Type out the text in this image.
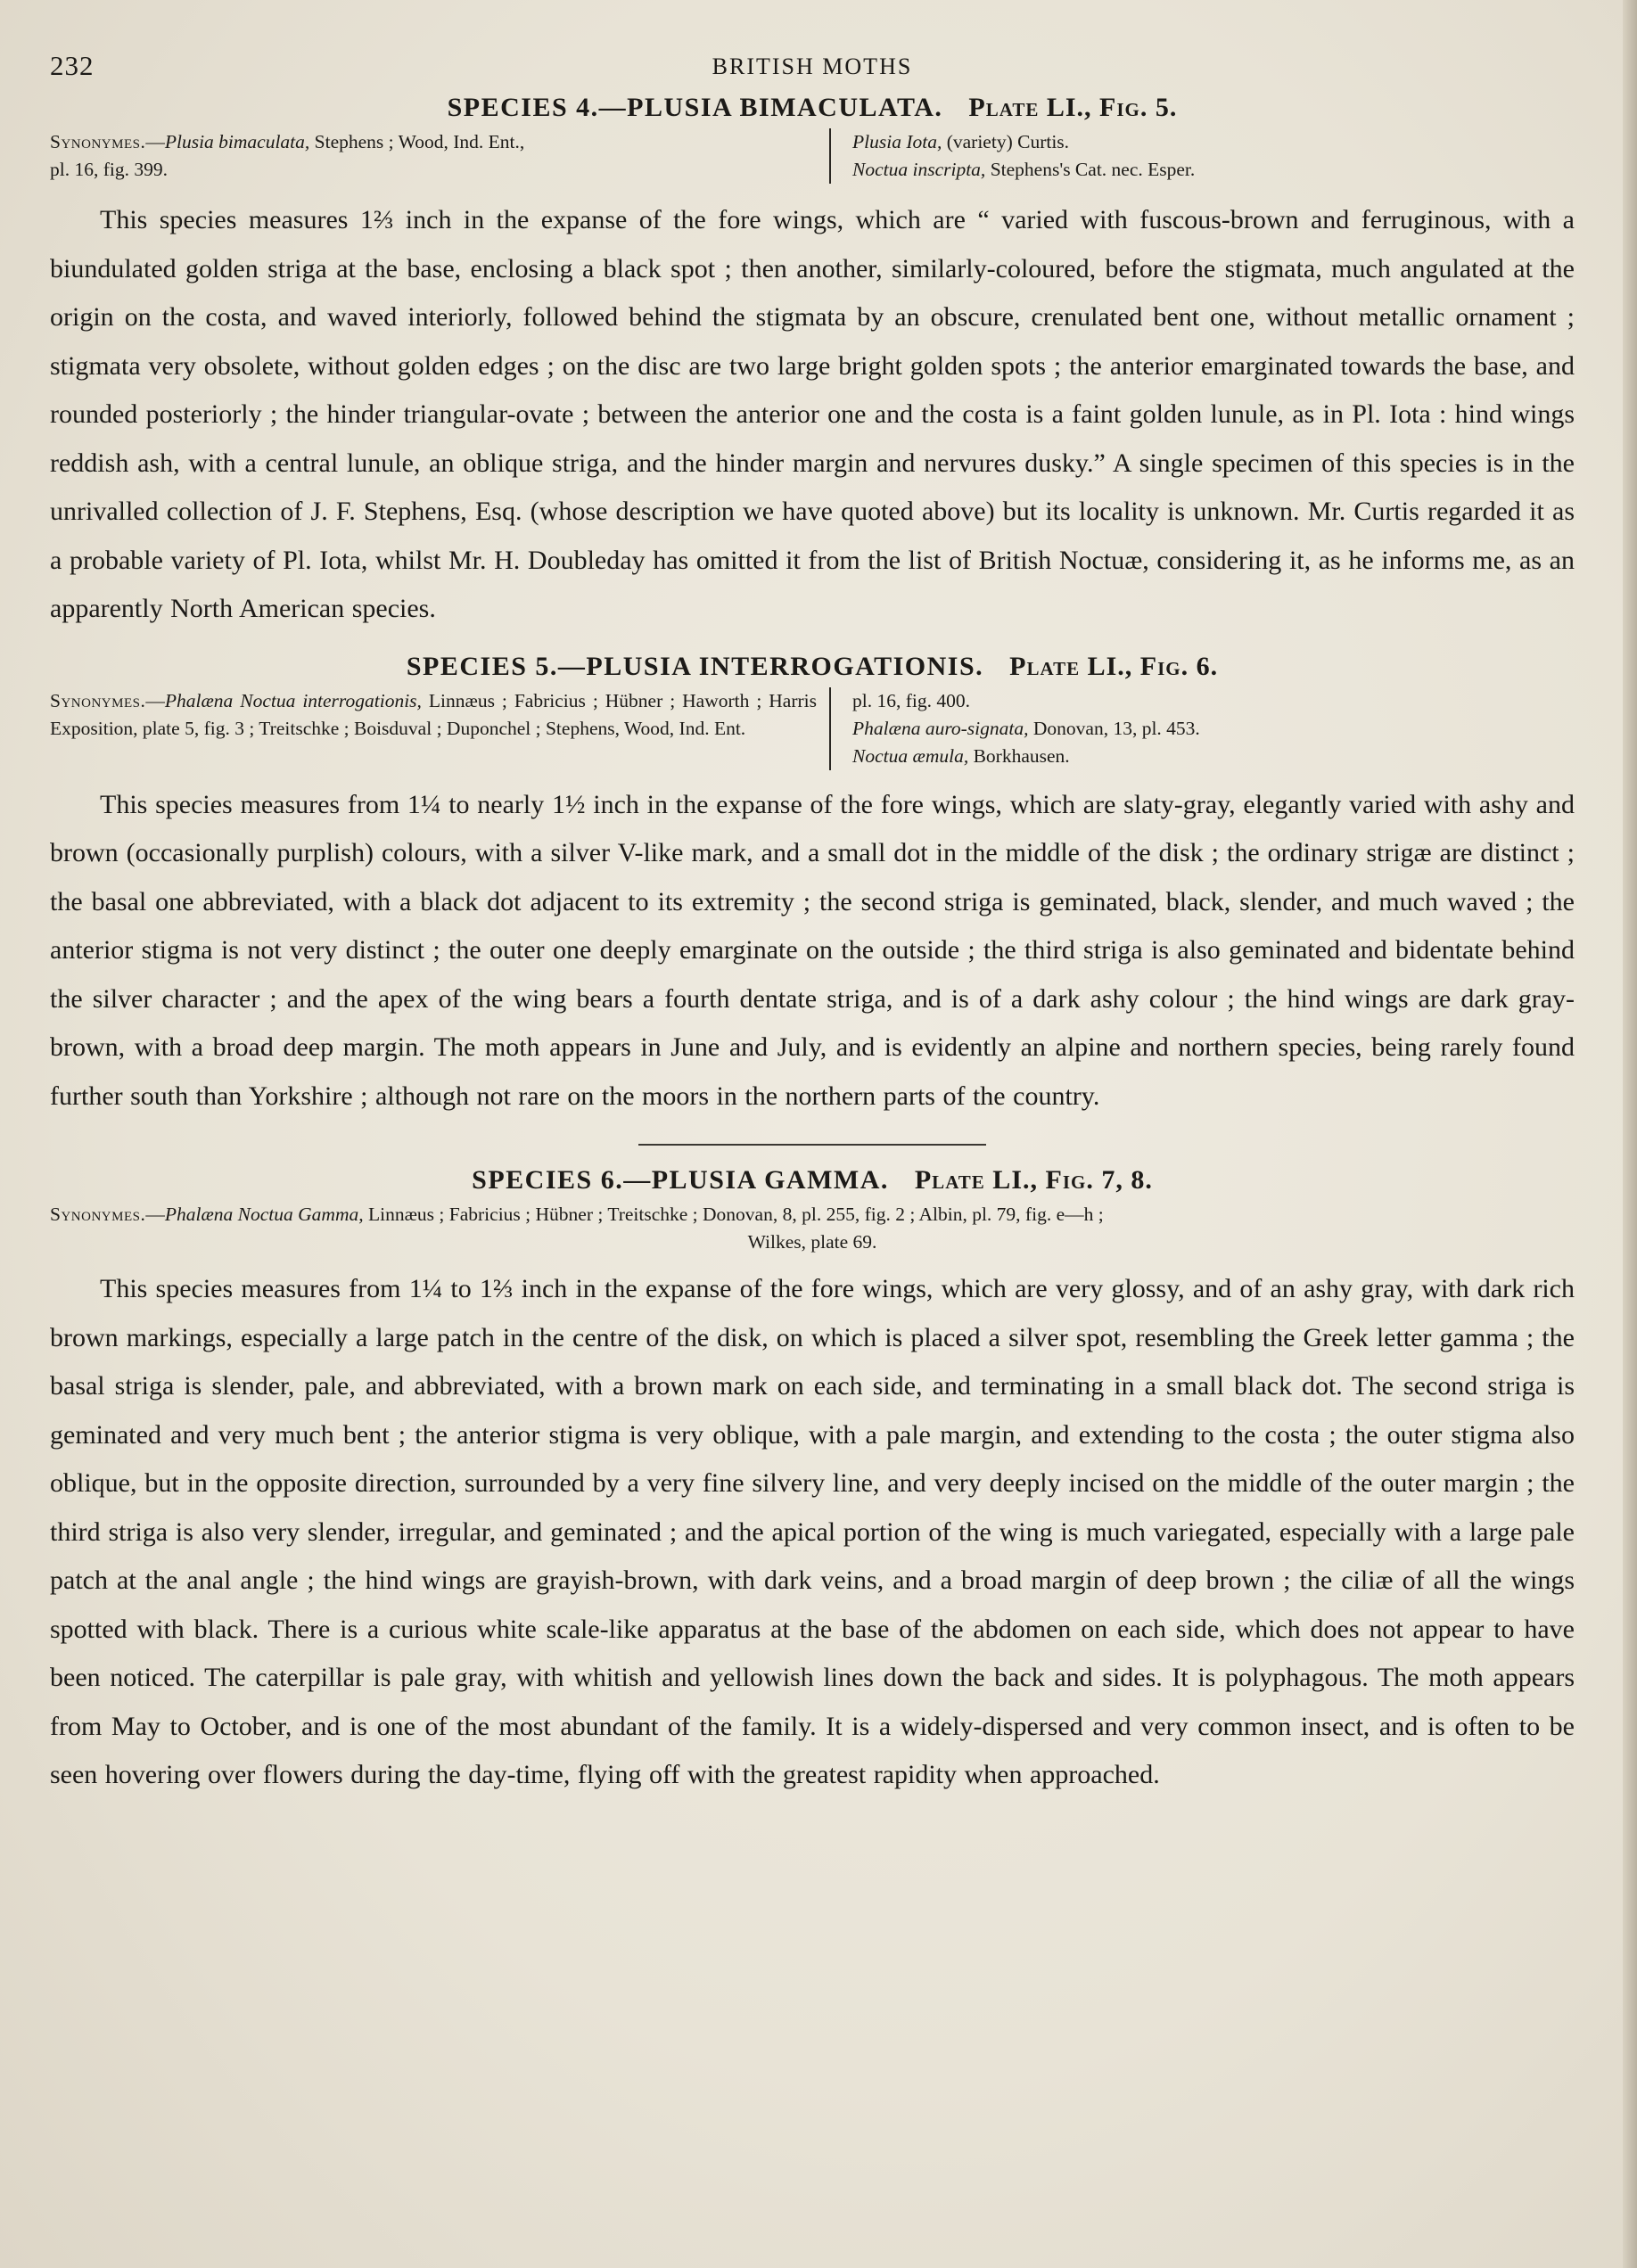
232	BRITISH MOTHS
SPECIES 4.—PLUSIA BIMACULATA. Plate LI., Fig. 5.
Synonymes.—Plusia bimaculata, Stephens ; Wood, Ind. Ent.,
pl. 16, fig. 399.
Plusia Iota, (variety) Curtis.
Noctua inscripta, Stephens's Cat. nec. Esper.

This species measures 1⅔ inch in the expanse of the fore wings, which are “ varied with fuscous-brown and ferruginous, with a biundulated golden striga at the base, enclosing a black spot ; then another, similarly-coloured, before the stigmata, much angulated at the origin on the costa, and waved interiorly, followed behind the stigmata by an obscure, crenulated bent one, without metallic ornament ; stigmata very obsolete, without golden edges ; on the disc are two large bright golden spots ; the anterior emarginated towards the base, and rounded posteriorly ; the hinder triangular-ovate ; between the anterior one and the costa is a faint golden lunule, as in Pl. Iota : hind wings reddish ash, with a central lunule, an oblique striga, and the hinder margin and nervures dusky.” A single specimen of this species is in the unrivalled collection of J. F. Stephens, Esq. (whose description we have quoted above) but its locality is unknown. Mr. Curtis regarded it as a probable variety of Pl. Iota, whilst Mr. H. Doubleday has omitted it from the list of British Noctuæ, considering it, as he informs me, as an apparently North American species.

SPECIES 5.—PLUSIA INTERROGATIONIS. Plate LI., Fig. 6.
Synonymes.—Phalæna Noctua interrogationis, Linnæus ; Fabricius ; Hübner ; Haworth ; Harris Exposition, plate 5, fig. 3 ; Treitschke ; Boisduval ; Duponchel ; Stephens, Wood, Ind. Ent.
pl. 16, fig. 400.
Phalæna auro-signata, Donovan, 13, pl. 453.
Noctua æmula, Borkhausen.

This species measures from 1¼ to nearly 1½ inch in the expanse of the fore wings, which are slaty-gray, elegantly varied with ashy and brown (occasionally purplish) colours, with a silver V-like mark, and a small dot in the middle of the disk ; the ordinary strigæ are distinct ; the basal one abbreviated, with a black dot adjacent to its extremity ; the second striga is geminated, black, slender, and much waved ; the anterior stigma is not very distinct ; the outer one deeply emarginate on the outside ; the third striga is also geminated and bidentate behind the silver character ; and the apex of the wing bears a fourth dentate striga, and is of a dark ashy colour ; the hind wings are dark gray-brown, with a broad deep margin. The moth appears in June and July, and is evidently an alpine and northern species, being rarely found further south than Yorkshire ; although not rare on the moors in the northern parts of the country.

SPECIES 6.—PLUSIA GAMMA. Plate LI., Fig. 7, 8.
Synonymes.—Phalæna Noctua Gamma, Linnæus ; Fabricius ; Hübner ; Treitschke ; Donovan, 8, pl. 255, fig. 2 ; Albin, pl. 79, fig. e—h ;
Wilkes, plate 69.

This species measures from 1¼ to 1⅔ inch in the expanse of the fore wings, which are very glossy, and of an ashy gray, with dark rich brown markings, especially a large patch in the centre of the disk, on which is placed a silver spot, resembling the Greek letter gamma ; the basal striga is slender, pale, and abbreviated, with a brown mark on each side, and terminating in a small black dot. The second striga is geminated and very much bent ; the anterior stigma is very oblique, with a pale margin, and extending to the costa ; the outer stigma also oblique, but in the opposite direction, surrounded by a very fine silvery line, and very deeply incised on the middle of the outer margin ; the third striga is also very slender, irregular, and geminated ; and the apical portion of the wing is much variegated, especially with a large pale patch at the anal angle ; the hind wings are grayish-brown, with dark veins, and a broad margin of deep brown ; the ciliæ of all the wings spotted with black. There is a curious white scale-like apparatus at the base of the abdomen on each side, which does not appear to have been noticed. The caterpillar is pale gray, with whitish and yellowish lines down the back and sides. It is polyphagous. The moth appears from May to October, and is one of the most abundant of the family. It is a widely-dispersed and very common insect, and is often to be seen hovering over flowers during the day-time, flying off with the greatest rapidity when approached.
